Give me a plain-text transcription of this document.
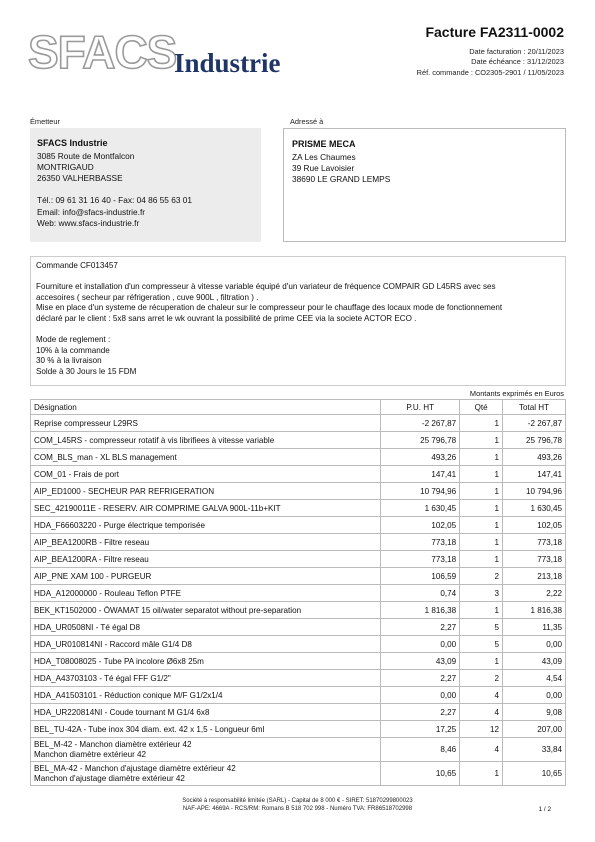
SFACS
Industrie
Facture FA2311-0002
Date facturation : 20/11/2023
Date échéance : 31/12/2023
Réf. commande : CO2305-2901 / 11/05/2023
Émetteur
SFACS Industrie
3085 Route de Montfalcon
MONTRIGAUD
26350 VALHERBASSE
Tél.: 09 61 31 16 40 - Fax: 04 86 55 63 01
Email: info@sfacs-industrie.fr
Web: www.sfacs-industrie.fr
Adressé à
PRISME MECA
ZA Les Chaumes
39 Rue Lavoisier
38690 LE GRAND LEMPS
Commande CF013457

Fourniture et installation d'un compresseur à vitesse variable équipé d'un variateur de fréquence COMPAIR GD L45RS avec ses
accesoires ( secheur par réfrigeration , cuve 900L , filtration ) .
Mise en place d'un systeme de récuperation de chaleur sur le compresseur pour le chauffage des locaux mode de fonctionnement
déclaré par le client : 5x8 sans arret le wk ouvrant la possibilité de prime CEE via la societe ACTOR ECO .
Mode de reglement :
10% à la commande
30 % à la livraison
Solde à 30 Jours le 15 FDM
Montants exprimés en Euros
Désignation	P.U. HT	Qté	Total HT

Reprise compresseur L29RS	-2 267,87	1	-2 267,87

COM_L45RS - compresseur rotatif à vis librifiees à vitesse variable	25 796,78	1	25 796,78

COM_BLS_man - XL BLS management	493,26	1	493,26

COM_01 - Frais de port	147,41	1	147,41

AIP_ED1000 - SECHEUR PAR REFRIGERATION	10 794,96	1	10 794,96

SEC_42190011E - RESERV. AIR COMPRIME GALVA 900L-11b+KIT	1 630,45	1	1 630,45

HDA_F66603220 - Purge électrique temporisée	102,05	1	102,05

AIP_BEA1200RB - Filtre reseau	773,18	1	773,18

AIP_BEA1200RA - Filtre reseau	773,18	1	773,18

AIP_PNE XAM 100 - PURGEUR	106,59	2	213,18

HDA_A12000000 - Rouleau Teflon PTFE	0,74	3	2,22

BEK_KT1502000 - ÖWAMAT 15 oil/water separatot without pre-separation	1 816,38	1	1 816,38

HDA_UR0508NI - Té égal D8	2,27	5	11,35

HDA_UR010814NI - Raccord mâle G1/4 D8	0,00	5	0,00

HDA_T08008025 - Tube PA incolore Ø6x8 25m	43,09	1	43,09

HDA_A43703103 - Té égal FFF G1/2"	2,27	2	4,54

HDA_A41503101 - Réduction conique M/F G1/2x1/4	0,00	4	0,00

HDA_UR220814NI - Coude tournant M G1/4 6x8	2,27	4	9,08

BEL_TU-42A - Tube inox 304 diam. ext. 42 x 1,5 - Longueur 6ml	17,25	12	207,00

BEL_M-42 - Manchon diamètre extérieur 42
Manchon diamètre extérieur 42	8,46	4	33,84

BEL_MA-42 - Manchon d'ajustage diamètre extérieur 42
Manchon d'ajustage diamètre extérieur 42	10,65	1	10,65
Société à responsabilité limitée (SARL) - Capital de 8 000 € - SIRET: 51870299800023
NAF-APE: 4669A - RCS/RM: Romans B 518 702 998 - Numéro TVA: FR86518702998	1 / 2
